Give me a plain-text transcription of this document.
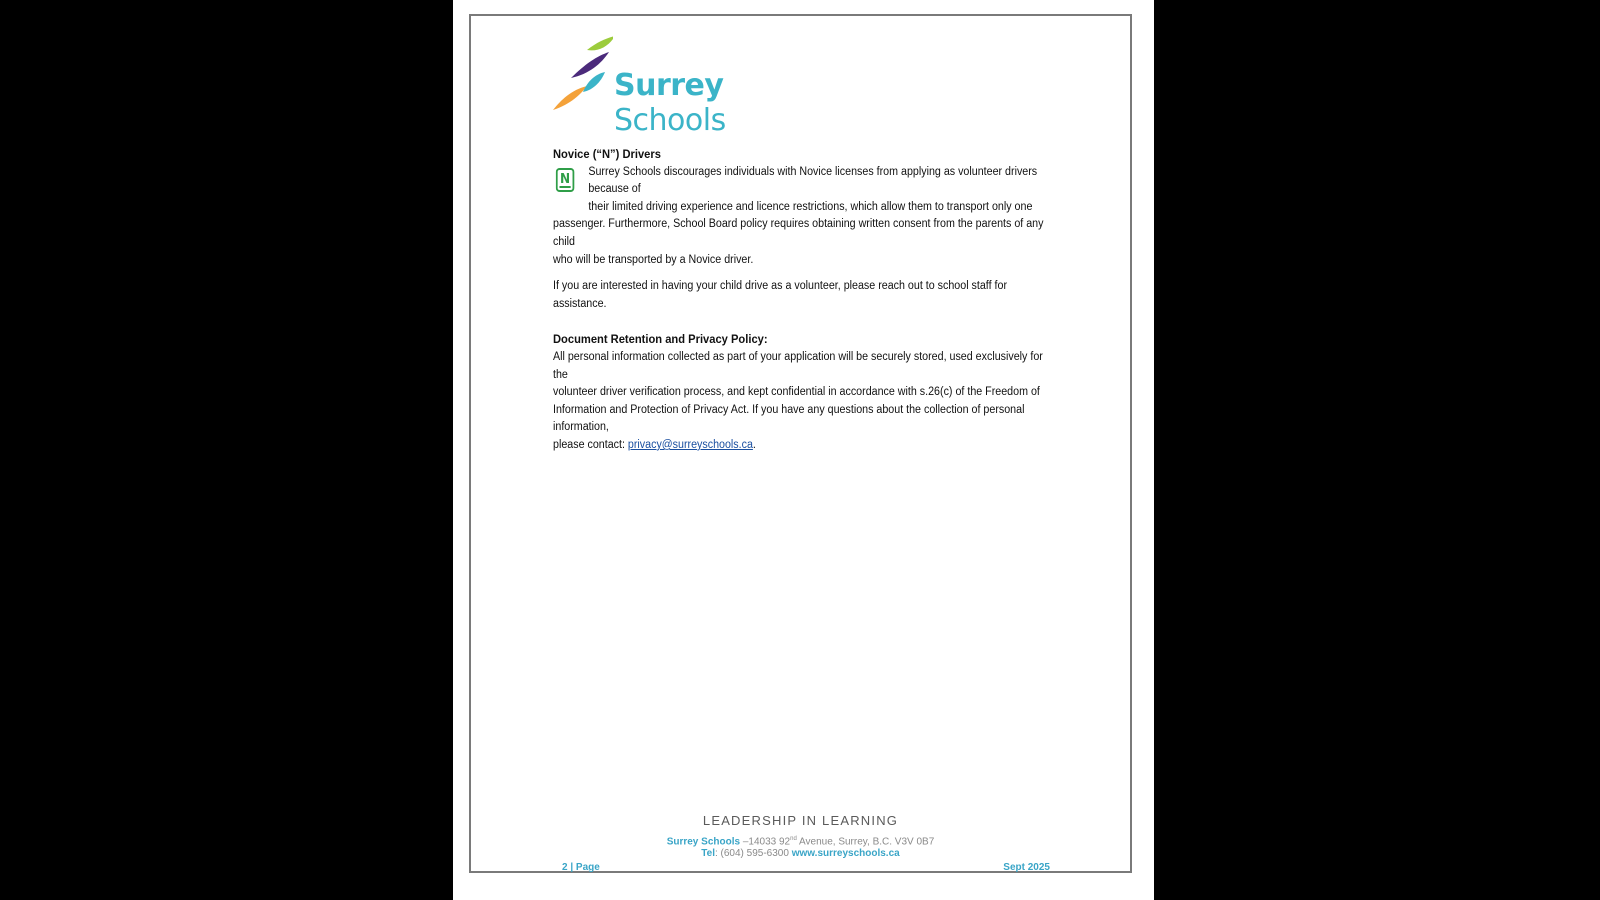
Surrey Schools

Novice (“N”) Drivers

N	Surrey Schools discourages individuals with Novice licenses from applying as volunteer drivers because of

their limited driving experience and licence restrictions, which allow them to transport only one

passenger. Furthermore, School Board policy requires obtaining written consent from the parents of any child

who will be transported by a Novice driver.

If you are interested in having your child drive as a volunteer, please reach out to school staff for assistance.

Document Retention and Privacy Policy:

All personal information collected as part of your application will be securely stored, used exclusively for the

volunteer driver verification process, and kept confidential in accordance with s.26(c) of the Freedom of

Information and Protection of Privacy Act. If you have any questions about the collection of personal information,

please contact: privacy@surreyschools.ca.

LEADERSHIP IN LEARNING
Surrey Schools –14033 92nd Avenue, Surrey, B.C. V3V 0B7
Tel: (604) 595-6300 www.surreyschools.ca
2 | Page	Sept 2025
